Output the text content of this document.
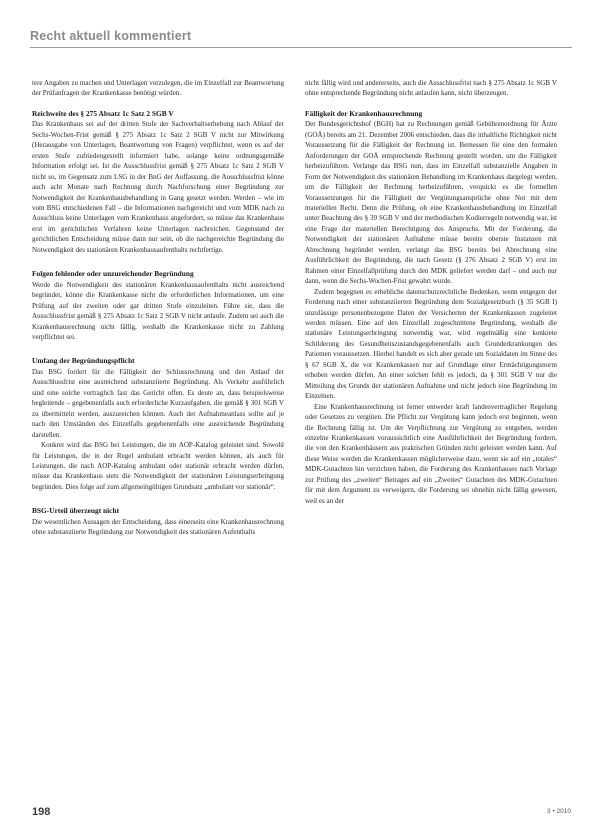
Recht aktuell kommentiert

tere Angaben zu machen und Unterlagen vorzulegen, die im Einzelfall zur Beantwortung der Prüfanfragen der Krankenkasse benötigt würden.

Reichweite des § 275 Absatz 1c Satz 2 SGB V

Das Krankenhaus sei auf der dritten Stufe der Sachverhaltserhebung nach Ablauf der Sechs-Wochen-Frist gemäß § 275 Absatz 1c Satz 2 SGB V nicht zur Mitwirkung (Herausgabe von Unterlagen, Beantwortung von Fragen) verpflichtet, wenn es auf der ersten Stufe zufriedengestellt informiert habe, solange keine ordnungsgemäße Information erfolgt sei. Ist die Ausschlussfrist gemäß § 275 Absatz 1c Satz 2 SGB V nicht so, im Gegensatz zum LSG in der BnG der Auffassung, die Ausschlussfrist könne auch acht Monate nach Rechnung durch Nachforschung einer Begründung zur Notwendigkeit der Krankenhausbehandlung in Gang gesetzt werden. Werden – wie im vom BSG entschiedenen Fall – die Informationen nachgereicht und vom MDK nach zu Ausschluss keine Unterlagen vom Krankenhaus angefordert, so müsse das Krankenhaus erst im gerichtlichen Verfahren keine Unterlagen nachreichen. Gegenstand der gerichtlichen Entscheidung müsse dann nur sein, ob die nachgereichte Begründung die Notwendigkeit des stationären Krankenhausaufenthalts rechtfertige.

Folgen fehlender oder unzureichender Begründung

Werde die Notwendigkeit des stationären Krankenhausaufenthalts nicht ausreichend begründet, könne die Krankenkasse nicht die erforderlichen Informationen, um eine Prüfung auf der zweiten oder gar dritten Stufe einzuleiten. Führe sie, dass die Ausschlussfrist gemäß § 275 Absatz 1c Satz 2 SGB V nicht anlaufe. Zudem sei auch die Krankenhausrechnung nicht fällig, weshalb die Krankenkasse nicht zu Zahlung verpflichtet sei.

Umfang der Begründungspflicht

Das BSG fordert für die Fälligkeit der Schlussrechnung und den Anlauf der Ausschlussfrist eine ausreichend substanziierte Begründung. Als Verkehr ausführlich sind eine solche vertraglich fast das Gericht offen. Es deute an, dass beispielsweise begleitende – gegebenenfalls auch erforderliche Kurzaufgaben, die gemäß § 301 SGB V zu übermitteln werden, auszureichen können. Auch der Aufnahmeanlass sollte auf je nach den Umständen des Einzelfalls gegebenenfalls eine ausreichende Begründung darstellen.

Konkret wird das BSG bei Leistungen, die im AOP-Katalog geleistet sind. Sowohl für Leistungen, die in der Regel ambulant erbracht werden können, als auch für Leistungen, die nach AOP-Katalog ambulant oder stationär erbracht werden dürfen, müsse das Krankenhaus stets die Notwendigkeit der stationären Leistungserbringung begründen. Dies folge auf zum allgemeingültigen Grundsatz „ambulant vor stationär“.

BSG-Urteil überzeugt nicht

Die wesentlichen Aussagen der Entscheidung, dass einerseits eine Krankenhausrechnung ohne substanziierte Begründung zur Notwendigkeit des stationären Aufenthalts

nicht fällig wird und andererseits, auch die Ausschlussfrist nach § 275 Absatz 1c SGB V ohne entsprechende Begründung nicht anlaufen kann, nicht überzeugen.

Fälligkeit der Krankenhausrechnung

Der Bundesgerichtshof (BGH) hat zu Rechnungen gemäß Gebührenordnung für Ärzte (GOÄ) bereits am 21. Dezember 2006 entschieden, dass die inhaltliche Richtigkeit nicht Voraussetzung für die Fälligkeit der Rechnung ist. Bemessen für eine den formalen Anforderungen der GOÄ entsprechende Rechnung gestellt worden, um die Fälligkeit herbeizuführen. Verlange das BSG nun, dass im Einzelfall substanzielle Angaben in Form der Notwendigkeit des stationären Behandlung im Krankenhaus dargelegt werden, um die Fälligkeit der Rechnung herbeizuführen, verquickt es die formellen Voraussetzungen für die Fälligkeit der Vergütungsansprüche ohne Not mit dem materiellen Recht. Denn die Prüfung, ob eine Krankenhausbehandlung im Einzelfall unter Beachtung des § 39 SGB V und der methodischen Kodierregeln notwendig war, ist eine Frage der materiellen Berechtigung des Anspruchs. Mit der Forderung, die Notwendigkeit der stationären Aufnahme müsse bereits oberste Instanzen mit Abrechnung begründet werden, verlangt das BSG bereits bei Abrechnung eine Ausführlichkeit der Begründung, die nach Gesetz (§ 276 Absatz 2 SGB V) erst im Rahmen einer Einzelfallprüfung durch den MDK geliefert werden darf – und auch nur dann, wenn die Sechs-Wochen-Frist gewahrt wurde.

Zudem begegnen es erhebliche datenschutzrechtliche Bedenken, wenn entgegen der Forderung nach einer substanziierten Begründung dem Sozialgesetzbuch (§ 35 SGB I) unzulässige personenbezogene Daten der Versicherten der Krankenkassen zugeleitet werden müssen. Eine auf den Einzelfall zugeschnittene Begründung, weshalb die stationäre Leistungserbringung notwendig war, wird regelmäßig eine konkrete Schilderung des Gesundheitszustandsgegebenenfalls auch Grunderkrankungen des Patienten voraussetzen. Hierbei handelt es sich aber gerade um Sozialdaten im Sinne des § 67 SGB X, die vor Krankenkassen nur auf Grundlage einer Ermächtigungsnorm erhoben werden dürfen. An einer solchen fehlt es jedoch, da § 301 SGB V nur die Mitteilung des Grunds der stationären Aufnahme und nicht jedoch eine Begründung im Einzelnen.

Eine Krankenhausrechnung ist ferner entweder kraft landesvertraglicher Regelung oder Gesetzes zu vergüten. Die Pflicht zur Vergütung kann jedoch erst beginnen, wenn die Rechnung fällig ist. Um der Verpflichtung zur Vergütung zu entgehen, werden einzelne Krankenkassen voraussichtlich eine Ausführlichkeit der Begründung fordern, die von den Krankenhäusern aus praktischen Gründen nicht geleistet werden kann. Auf diese Weise werden die Krankenkassen möglicherweise dazu, wenn sie auf ein „totales“ MDK-Gutachten hin verzichten haben, die Forderung des Krankenhauses nach Vorlage zur Prüfung des „zweiten“ Betrages auf ein „Zweites“ Gutachten des MDK-Gutachten für mit dem Argument zu verweigern, die Forderung sei ohnehin nicht fällig gewesen, weil es an der

198	3 • 2010
